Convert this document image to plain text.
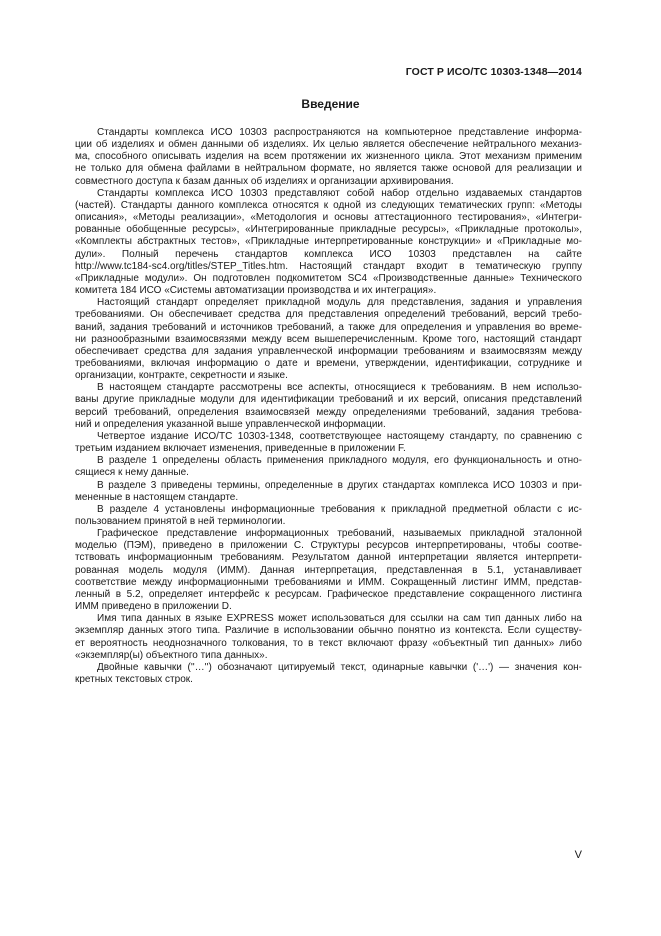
ГОСТ Р ИСО/ТС 10303-1348—2014
Введение

Стандарты комплекса ИСО 10303 распространяются на компьютерное представление информа-
ции об изделиях и обмен данными об изделиях. Их целью является обеспечение нейтрального механиз-
ма, способного описывать изделия на всем протяжении их жизненного цикла. Этот механизм применим
не только для обмена файлами в нейтральном формате, но является также основой для реализации и
совместного доступа к базам данных об изделиях и организации архивирования.

Стандарты комплекса ИСО 10303 представляют собой набор отдельно издаваемых стандартов
(частей). Стандарты данного комплекса относятся к одной из следующих тематических групп: «Методы
описания», «Методы реализации», «Методология и основы аттестационного тестирования», «Интегри-
рованные обобщенные ресурсы», «Интегрированные прикладные ресурсы», «Прикладные протоколы»,
«Комплекты абстрактных тестов», «Прикладные интерпретированные конструкции» и «Прикладные мо-
дули». Полный перечень стандартов комплекса ИСО 10303 представлен на сайте
http://www.tc184-sc4.org/titles/STEP_Titles.htm. Настоящий стандарт входит в тематическую группу
«Прикладные модули». Он подготовлен подкомитетом SC4 «Производственные данные» Технического
комитета 184 ИСО «Системы автоматизации производства и их интеграция».

Настоящий стандарт определяет прикладной модуль для представления, задания и управления
требованиями. Он обеспечивает средства для представления определений требований, версий требо-
ваний, задания требований и источников требований, а также для определения и управления во време-
ни разнообразными взаимосвязями между всем вышеперечисленным. Кроме того, настоящий стандарт
обеспечивает средства для задания управленческой информации требованиям и взаимосвязям между
требованиями, включая информацию о дате и времени, утверждении, идентификации, сотруднике и
организации, контракте, секретности и языке.

В настоящем стандарте рассмотрены все аспекты, относящиеся к требованиям. В нем использо-
ваны другие прикладные модули для идентификации требований и их версий, описания представлений
версий требований, определения взаимосвязей между определениями требований, задания требова-
ний и определения указанной выше управленческой информации.

Четвертое издание ИСО/ТС 10303-1348, соответствующее настоящему стандарту, по сравнению с
третьим изданием включает изменения, приведенные в приложении F.

В разделе 1 определены область применения прикладного модуля, его функциональность и отно-
сящиеся к нему данные.

В разделе 3 приведены термины, определенные в других стандартах комплекса ИСО 10303 и при-
мененные в настоящем стандарте.

В разделе 4 установлены информационные требования к прикладной предметной области с ис-
пользованием принятой в ней терминологии.

Графическое представление информационных требований, называемых прикладной эталонной
моделью (ПЭМ), приведено в приложении С. Структуры ресурсов интерпретированы, чтобы соотве-
тствовать информационным требованиям. Результатом данной интерпретации является интерпрети-
рованная модель модуля (ИММ). Данная интерпретация, представленная в 5.1, устанавливает
соответствие между информационными требованиями и ИММ. Сокращенный листинг ИММ, представ-
ленный в 5.2, определяет интерфейс к ресурсам. Графическое представление сокращенного листинга
ИММ приведено в приложении D.

Имя типа данных в языке EXPRESS может использоваться для ссылки на сам тип данных либо на
экземпляр данных этого типа. Различие в использовании обычно понятно из контекста. Если существу-
ет вероятность неоднозначного толкования, то в текст включают фразу «объектный тип данных» либо
«экземпляр(ы) объектного типа данных».

Двойные кавычки (''…'') обозначают цитируемый текст, одинарные кавычки ('…') — значения кон-
кретных текстовых строк.

V
